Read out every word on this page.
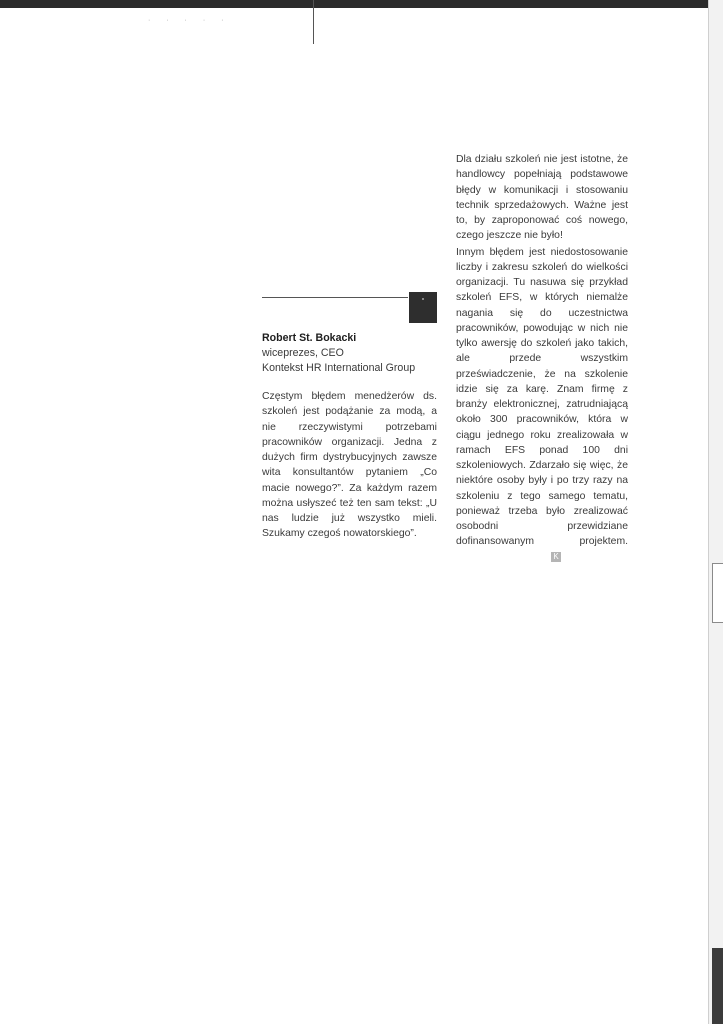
· · · · ·
Robert St. Bokacki
wiceprezes, CEO
Kontekst HR International Group

Częstym błędem menedżerów ds. szkoleń jest podążanie za modą, a nie rzeczywistymi potrzebami pracowników organizacji. Jedna z dużych firm dystrybucyjnych zawsze wita konsultantów pytaniem „Co macie nowego?”. Za każdym razem można usłyszeć też ten sam tekst: „U nas ludzie już wszystko mieli. Szukamy czegoś nowatorskiego”.

Dla działu szkoleń nie jest istotne, że handlowcy popełniają podstawowe błędy w komunikacji i stosowaniu technik sprzedażowych. Ważne jest to, by zaproponować coś nowego, czego jeszcze nie było!

Innym błędem jest niedostosowanie liczby i zakresu szkoleń do wielkości organizacji. Tu nasuwa się przykład szkoleń EFS, w których niemalże nagania się do uczestnictwa pracowników, powodując w nich nie tylko awersję do szkoleń jako takich, ale przede wszystkim przeświadczenie, że na szkolenie idzie się za karę. Znam firmę z branży elektronicznej, zatrudniającą około 300 pracowników, która w ciągu jednego roku zrealizowała w ramach EFS ponad 100 dni szkoleniowych. Zdarzało się więc, że niektóre osoby były i po trzy razy na szkoleniu z tego samego tematu, ponieważ trzeba było zrealizować osobodni przewidziane dofinansowanym projektem.K
